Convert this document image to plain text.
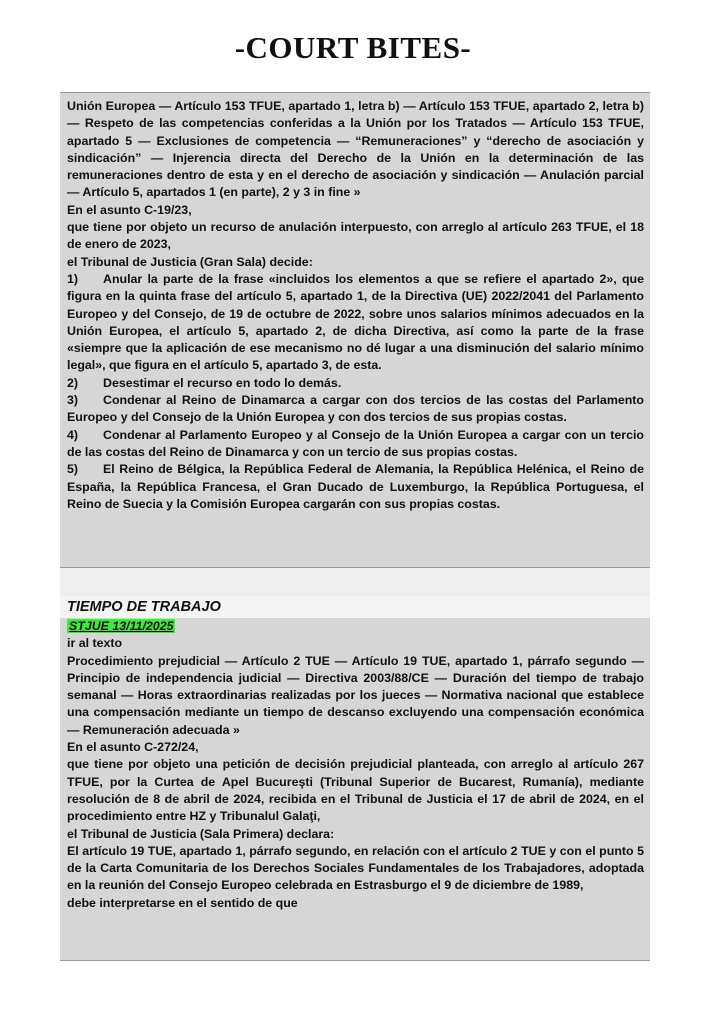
-COURT BITES-

Unión Europea — Artículo 153 TFUE, apartado 1, letra b) — Artículo 153 TFUE, apartado 2, letra b) — Respeto de las competencias conferidas a la Unión por los Tratados — Artículo 153 TFUE, apartado 5 — Exclusiones de competencia — “Remuneraciones” y “derecho de asociación y sindicación” — Injerencia directa del Derecho de la Unión en la determinación de las remuneraciones dentro de esta y en el derecho de asociación y sindicación — Anulación parcial — Artículo 5, apartados 1 (en parte), 2 y 3 in fine »

En el asunto C-19/23,

que tiene por objeto un recurso de anulación interpuesto, con arreglo al artículo 263 TFUE, el 18 de enero de 2023,

el Tribunal de Justicia (Gran Sala) decide:

1) Anular la parte de la frase «incluidos los elementos a que se refiere el apartado 2», que figura en la quinta frase del artículo 5, apartado 1, de la Directiva (UE) 2022/2041 del Parlamento Europeo y del Consejo, de 19 de octubre de 2022, sobre unos salarios mínimos adecuados en la Unión Europea, el artículo 5, apartado 2, de dicha Directiva, así como la parte de la frase «siempre que la aplicación de ese mecanismo no dé lugar a una disminución del salario mínimo legal», que figura en el artículo 5, apartado 3, de esta.

2) Desestimar el recurso en todo lo demás.

3) Condenar al Reino de Dinamarca a cargar con dos tercios de las costas del Parlamento Europeo y del Consejo de la Unión Europea y con dos tercios de sus propias costas.

4) Condenar al Parlamento Europeo y al Consejo de la Unión Europea a cargar con un tercio de las costas del Reino de Dinamarca y con un tercio de sus propias costas.

5) El Reino de Bélgica, la República Federal de Alemania, la República Helénica, el Reino de España, la República Francesa, el Gran Ducado de Luxemburgo, la República Portuguesa, el Reino de Suecia y la Comisión Europea cargarán con sus propias costas.

TIEMPO DE TRABAJO

STJUE 13/11/2025

ir al texto

Procedimiento prejudicial — Artículo 2 TUE — Artículo 19 TUE, apartado 1, párrafo segundo — Principio de independencia judicial — Directiva 2003/88/CE — Duración del tiempo de trabajo semanal — Horas extraordinarias realizadas por los jueces — Normativa nacional que establece una compensación mediante un tiempo de descanso excluyendo una compensación económica — Remuneración adecuada »

En el asunto C-272/24,

que tiene por objeto una petición de decisión prejudicial planteada, con arreglo al artículo 267 TFUE, por la Curtea de Apel Bucureşti (Tribunal Superior de Bucarest, Rumanía), mediante resolución de 8 de abril de 2024, recibida en el Tribunal de Justicia el 17 de abril de 2024, en el procedimiento entre HZ y Tribunalul Galaţi,

el Tribunal de Justicia (Sala Primera) declara:

El artículo 19 TUE, apartado 1, párrafo segundo, en relación con el artículo 2 TUE y con el punto 5 de la Carta Comunitaria de los Derechos Sociales Fundamentales de los Trabajadores, adoptada en la reunión del Consejo Europeo celebrada en Estrasburgo el 9 de diciembre de 1989,

debe interpretarse en el sentido de que
